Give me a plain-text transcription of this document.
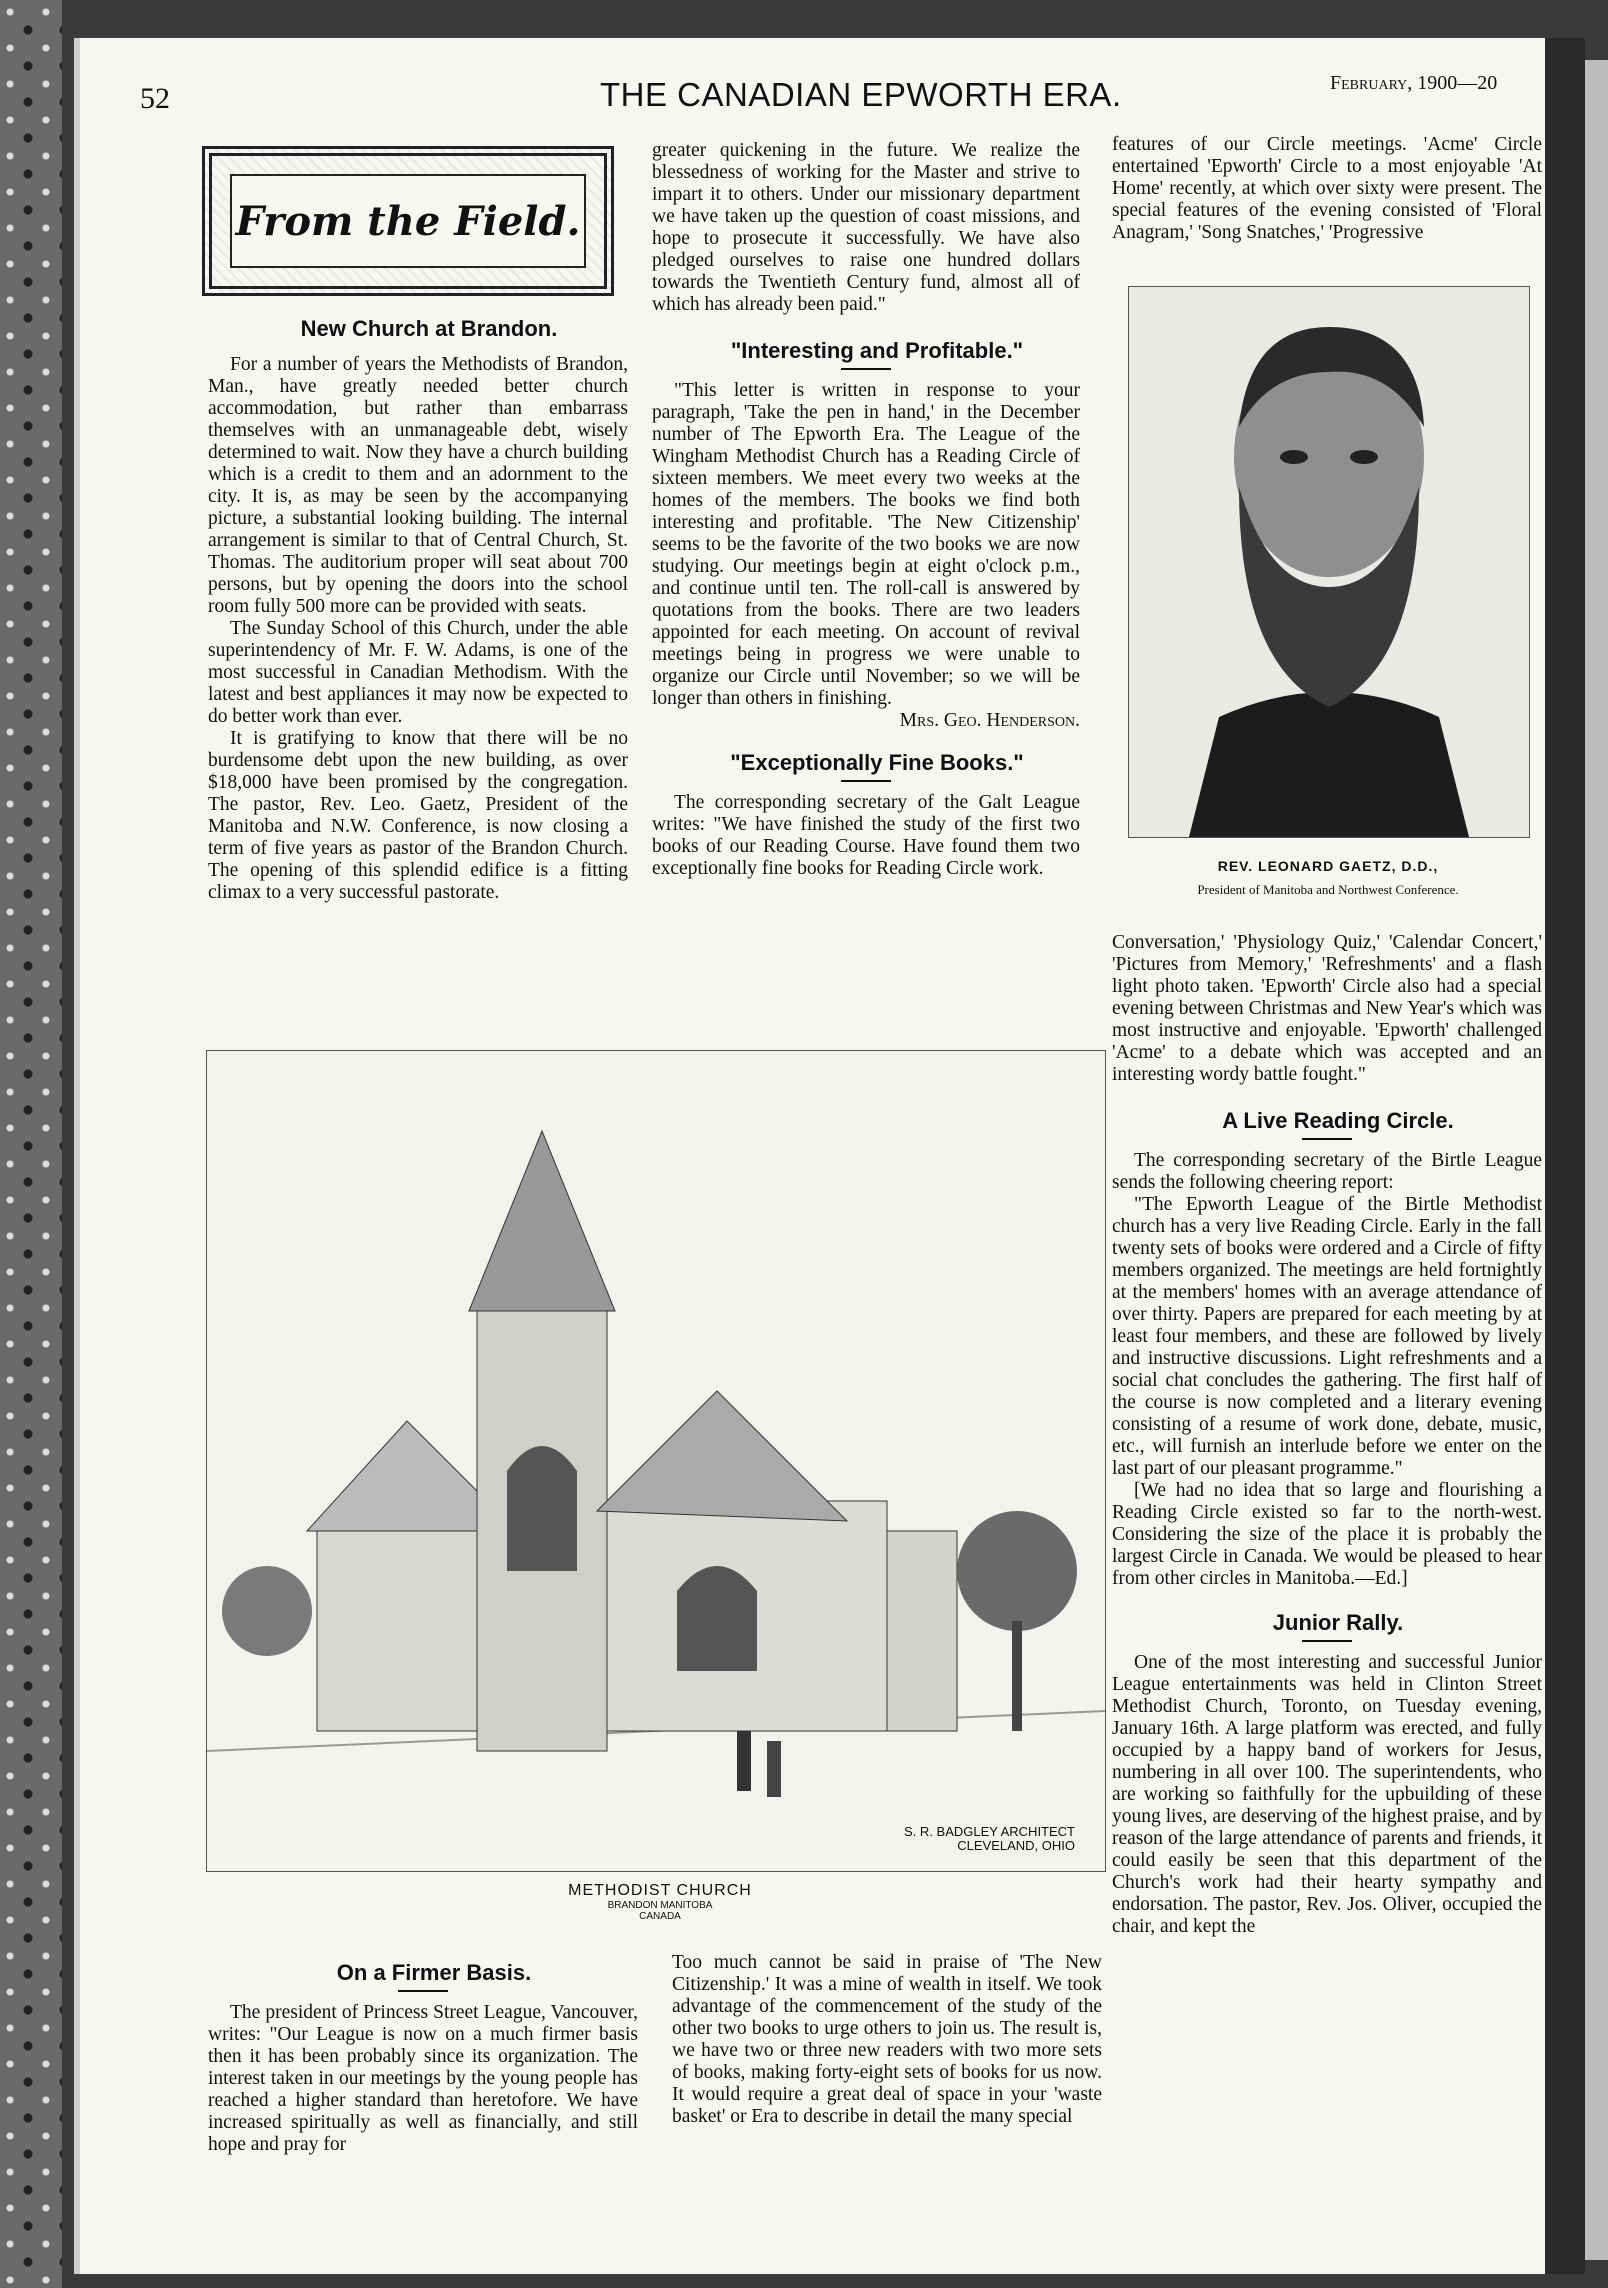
52	THE CANADIAN EPWORTH ERA.	February, 1900—20
From the Field.

New Church at Brandon.

For a number of years the Methodists of Brandon, Man., have greatly needed better church accommodation, but rather than embarrass themselves with an unmanageable debt, wisely determined to wait. Now they have a church building which is a credit to them and an adornment to the city. It is, as may be seen by the accompanying picture, a substantial looking building. The internal arrangement is similar to that of Central Church, St. Thomas. The auditorium proper will seat about 700 persons, but by opening the doors into the school room fully 500 more can be provided with seats.

The Sunday School of this Church, under the able superintendency of Mr. F. W. Adams, is one of the most successful in Canadian Methodism. With the latest and best appliances it may now be expected to do better work than ever.

It is gratifying to know that there will be no burdensome debt upon the new building, as over $18,000 have been promised by the congregation. The pastor, Rev. Leo. Gaetz, President of the Manitoba and N.W. Conference, is now closing a term of five years as pastor of the Brandon Church. The opening of this splendid edifice is a fitting climax to a very successful pastorate.

greater quickening in the future. We realize the blessedness of working for the Master and strive to impart it to others. Under our missionary department we have taken up the question of coast missions, and hope to prosecute it successfully. We have also pledged ourselves to raise one hundred dollars towards the Twentieth Century fund, almost all of which has already been paid."

"Interesting and Profitable."

"This letter is written in response to your paragraph, 'Take the pen in hand,' in the December number of The Epworth Era. The League of the Wingham Methodist Church has a Reading Circle of sixteen members. We meet every two weeks at the homes of the members. The books we find both interesting and profitable. 'The New Citizenship' seems to be the favorite of the two books we are now studying. Our meetings begin at eight o'clock p.m., and continue until ten. The roll-call is answered by quotations from the books. There are two leaders appointed for each meeting. On account of revival meetings being in progress we were unable to organize our Circle until November; so we will be longer than others in finishing.

Mrs. Geo. Henderson.

"Exceptionally Fine Books."

The corresponding secretary of the Galt League writes: "We have finished the study of the first two books of our Reading Course. Have found them two exceptionally fine books for Reading Circle work.

features of our Circle meetings. 'Acme' Circle entertained 'Epworth' Circle to a most enjoyable 'At Home' recently, at which over sixty were present. The special features of the evening consisted of 'Floral Anagram,' 'Song Snatches,' 'Progressive

REV. LEONARD GAETZ, D.D.,
President of Manitoba and Northwest Conference.

Conversation,' 'Physiology Quiz,' 'Calendar Concert,' 'Pictures from Memory,' 'Refreshments' and a flash light photo taken. 'Epworth' Circle also had a special evening between Christmas and New Year's which was most instructive and enjoyable. 'Epworth' challenged 'Acme' to a debate which was accepted and an interesting wordy battle fought."

A Live Reading Circle.

The corresponding secretary of the Birtle League sends the following cheering report:

"The Epworth League of the Birtle Methodist church has a very live Reading Circle. Early in the fall twenty sets of books were ordered and a Circle of fifty members organized. The meetings are held fortnightly at the members' homes with an average attendance of over thirty. Papers are prepared for each meeting by at least four members, and these are followed by lively and instructive discussions. Light refreshments and a social chat concludes the gathering. The first half of the course is now completed and a literary evening consisting of a resume of work done, debate, music, etc., will furnish an interlude before we enter on the last part of our pleasant programme."

[We had no idea that so large and flourishing a Reading Circle existed so far to the north-west. Considering the size of the place it is probably the largest Circle in Canada. We would be pleased to hear from other circles in Manitoba.—Ed.]

Junior Rally.

One of the most interesting and successful Junior League entertainments was held in Clinton Street Methodist Church, Toronto, on Tuesday evening, January 16th. A large platform was erected, and fully occupied by a happy band of workers for Jesus, numbering in all over 100. The superintendents, who are working so faithfully for the upbuilding of these young lives, are deserving of the highest praise, and by reason of the large attendance of parents and friends, it could easily be seen that this department of the Church's work had their hearty sympathy and endorsation. The pastor, Rev. Jos. Oliver, occupied the chair, and kept the

S. R. BADGLEY ARCHITECT
CLEVELAND, OHIO
METHODIST CHURCH
BRANDON MANITOBA
CANADA

On a Firmer Basis.

The president of Princess Street League, Vancouver, writes: "Our League is now on a much firmer basis then it has been probably since its organization. The interest taken in our meetings by the young people has reached a higher standard than heretofore. We have increased spiritually as well as financially, and still hope and pray for

Too much cannot be said in praise of 'The New Citizenship.' It was a mine of wealth in itself. We took advantage of the commencement of the study of the other two books to urge others to join us. The result is, we have two or three new readers with two more sets of books, making forty-eight sets of books for us now. It would require a great deal of space in your 'waste basket' or Era to describe in detail the many special
